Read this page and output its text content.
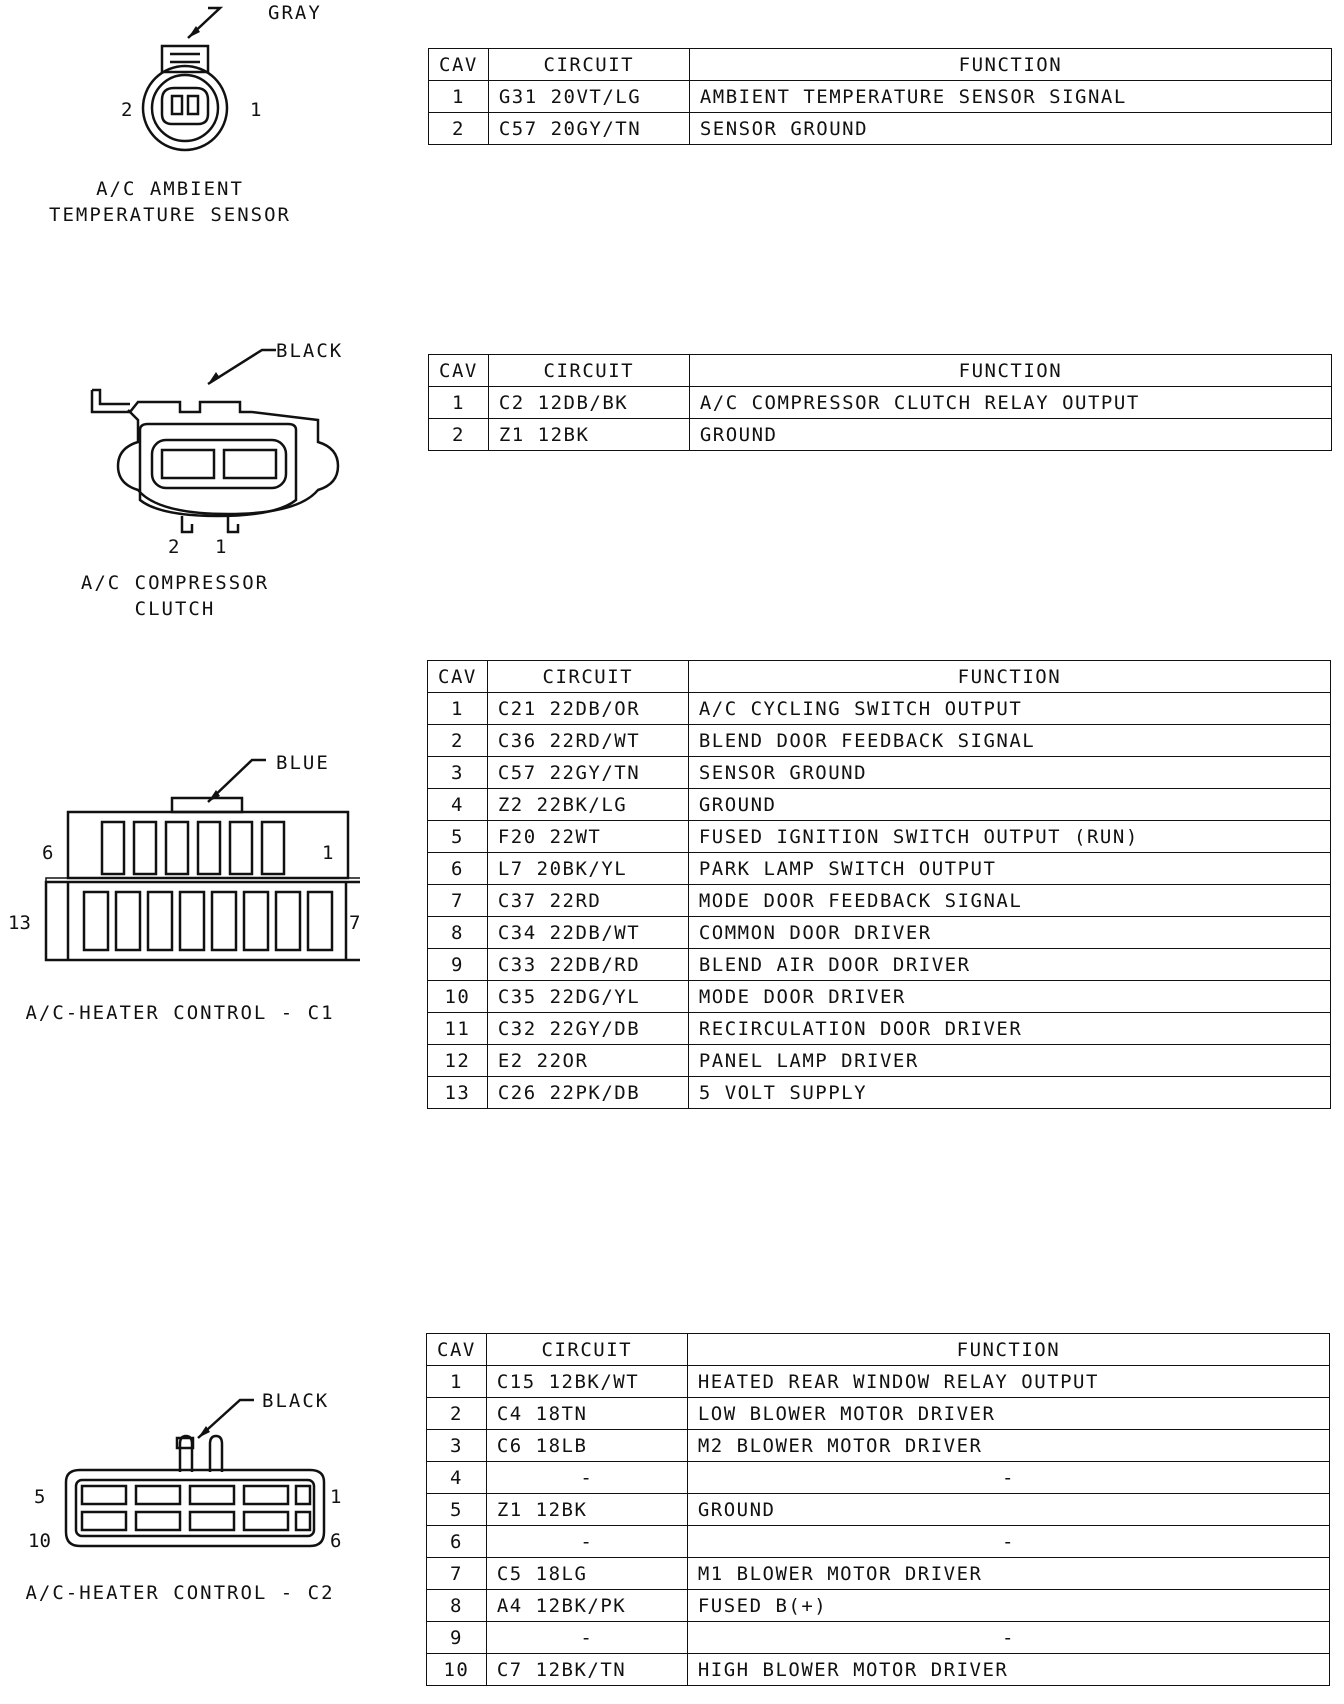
GRAY
2	1
A/C AMBIENT
TEMPERATURE SENSOR
CAV	CIRCUIT	FUNCTION
1	G31 20VT/LG	AMBIENT TEMPERATURE SENSOR SIGNAL
2	C57 20GY/TN	SENSOR GROUND
BLACK
2 1
A/C COMPRESSOR
CLUTCH
CAV	CIRCUIT	FUNCTION
1	C2 12DB/BK	A/C COMPRESSOR CLUTCH RELAY OUTPUT
2	Z1 12BK	GROUND
BLUE
6	1
13	7
A/C-HEATER CONTROL - C1
CAV	CIRCUIT	FUNCTION
1	C21 22DB/OR	A/C CYCLING SWITCH OUTPUT
2	C36 22RD/WT	BLEND DOOR FEEDBACK SIGNAL
3	C57 22GY/TN	SENSOR GROUND
4	Z2 22BK/LG	GROUND
5	F20 22WT	FUSED IGNITION SWITCH OUTPUT (RUN)
6	L7 20BK/YL	PARK LAMP SWITCH OUTPUT
7	C37 22RD	MODE DOOR FEEDBACK SIGNAL
8	C34 22DB/WT	COMMON DOOR DRIVER
9	C33 22DB/RD	BLEND AIR DOOR DRIVER
10	C35 22DG/YL	MODE DOOR DRIVER
11	C32 22GY/DB	RECIRCULATION DOOR DRIVER
12	E2 22OR	PANEL LAMP DRIVER
13	C26 22PK/DB	5 VOLT SUPPLY
BLACK
5	1
10	6
A/C-HEATER CONTROL - C2
CAV	CIRCUIT	FUNCTION
1	C15 12BK/WT	HEATED REAR WINDOW RELAY OUTPUT
2	C4 18TN	LOW BLOWER MOTOR DRIVER
3	C6 18LB	M2 BLOWER MOTOR DRIVER
4	-	-
5	Z1 12BK	GROUND
6	-	-
7	C5 18LG	M1 BLOWER MOTOR DRIVER
8	A4 12BK/PK	FUSED B(+)
9	-	-
10	C7 12BK/TN	HIGH BLOWER MOTOR DRIVER
